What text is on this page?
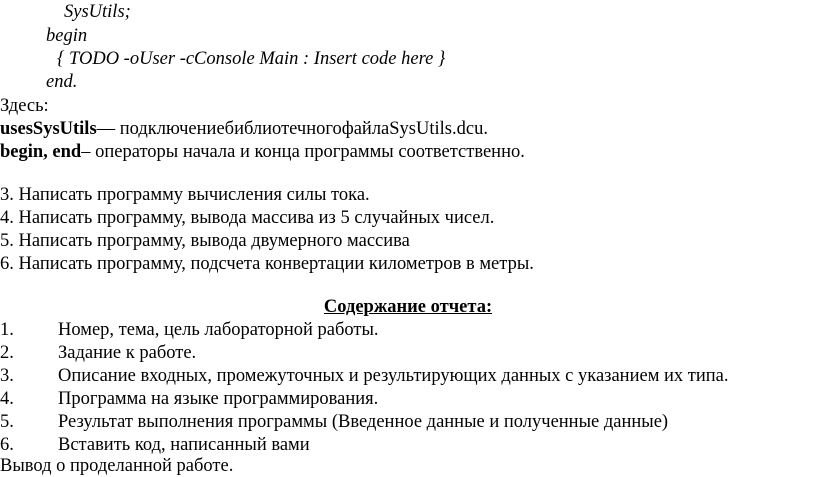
SysUtils;
begin
{ TODO -oUser -cConsole Main : Insert code here }
end.
Здесь:
usesSysUtils— подключениебиблиотечногофайлаSysUtils.dcu.
begin, end– операторы начала и конца программы соответственно.
3. Написать программу вычисления силы тока.
4. Написать программу, вывода массива из 5 случайных чисел.
5. Написать программу, вывода двумерного массива
6. Написать программу, подсчета конвертации километров в метры.
Содержание отчета:
1. Номер, тема, цель лабораторной работы.
2. Задание к работе.
3. Описание входных, промежуточных и результирующих данных с указанием их типа.
4. Программа на языке программирования.
5. Результат выполнения программы (Введенное данные и полученные данные)
6. Вставить код, написанный вами
Вывод о проделанной работе.
